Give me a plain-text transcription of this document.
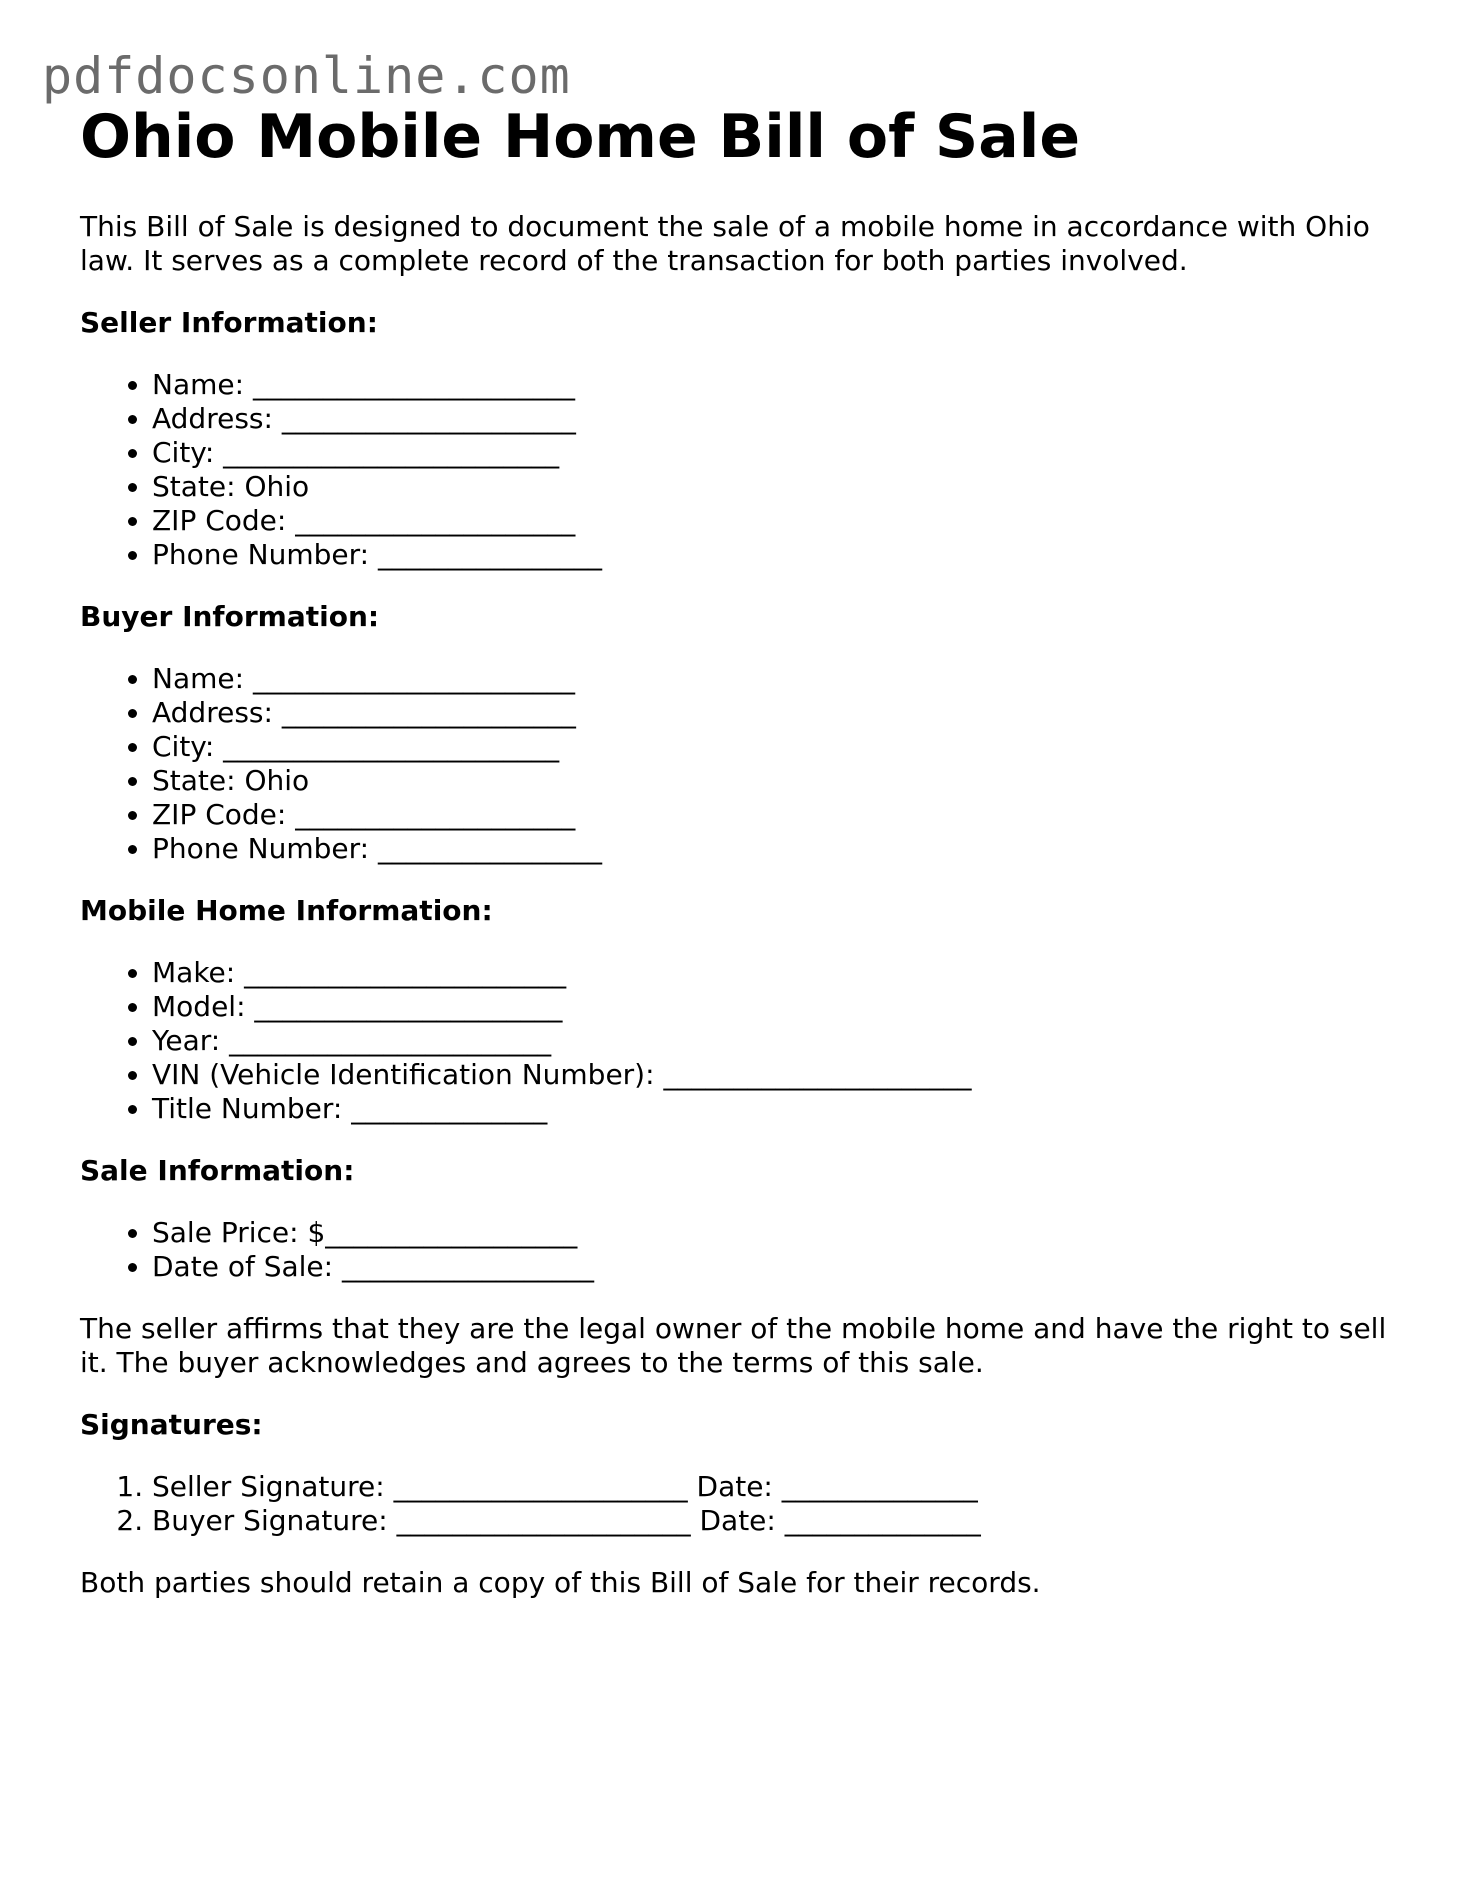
pdfdocsonline.com
Ohio Mobile Home Bill of Sale

This Bill of Sale is designed to document the sale of a mobile home in accordance with Ohio law. It serves as a complete record of the transaction for both parties involved.

Seller Information:
• Name: _______________________
• Address: _____________________
• City: ________________________
• State: Ohio
• ZIP Code: ____________________
• Phone Number: ________________
Buyer Information:
• Name: _______________________
• Address: _____________________
• City: ________________________
• State: Ohio
• ZIP Code: ____________________
• Phone Number: ________________
Mobile Home Information:
• Make: _______________________
• Model: ______________________
• Year: _______________________
• VIN (Vehicle Identification Number): ______________________
• Title Number: ______________
Sale Information:
• Sale Price: $__________________
• Date of Sale: __________________

The seller affirms that they are the legal owner of the mobile home and have the right to sell it. The buyer acknowledges and agrees to the terms of this sale.

Signatures:
1. Seller Signature: _____________________ Date: ______________
2. Buyer Signature: _____________________ Date: ______________

Both parties should retain a copy of this Bill of Sale for their records.
